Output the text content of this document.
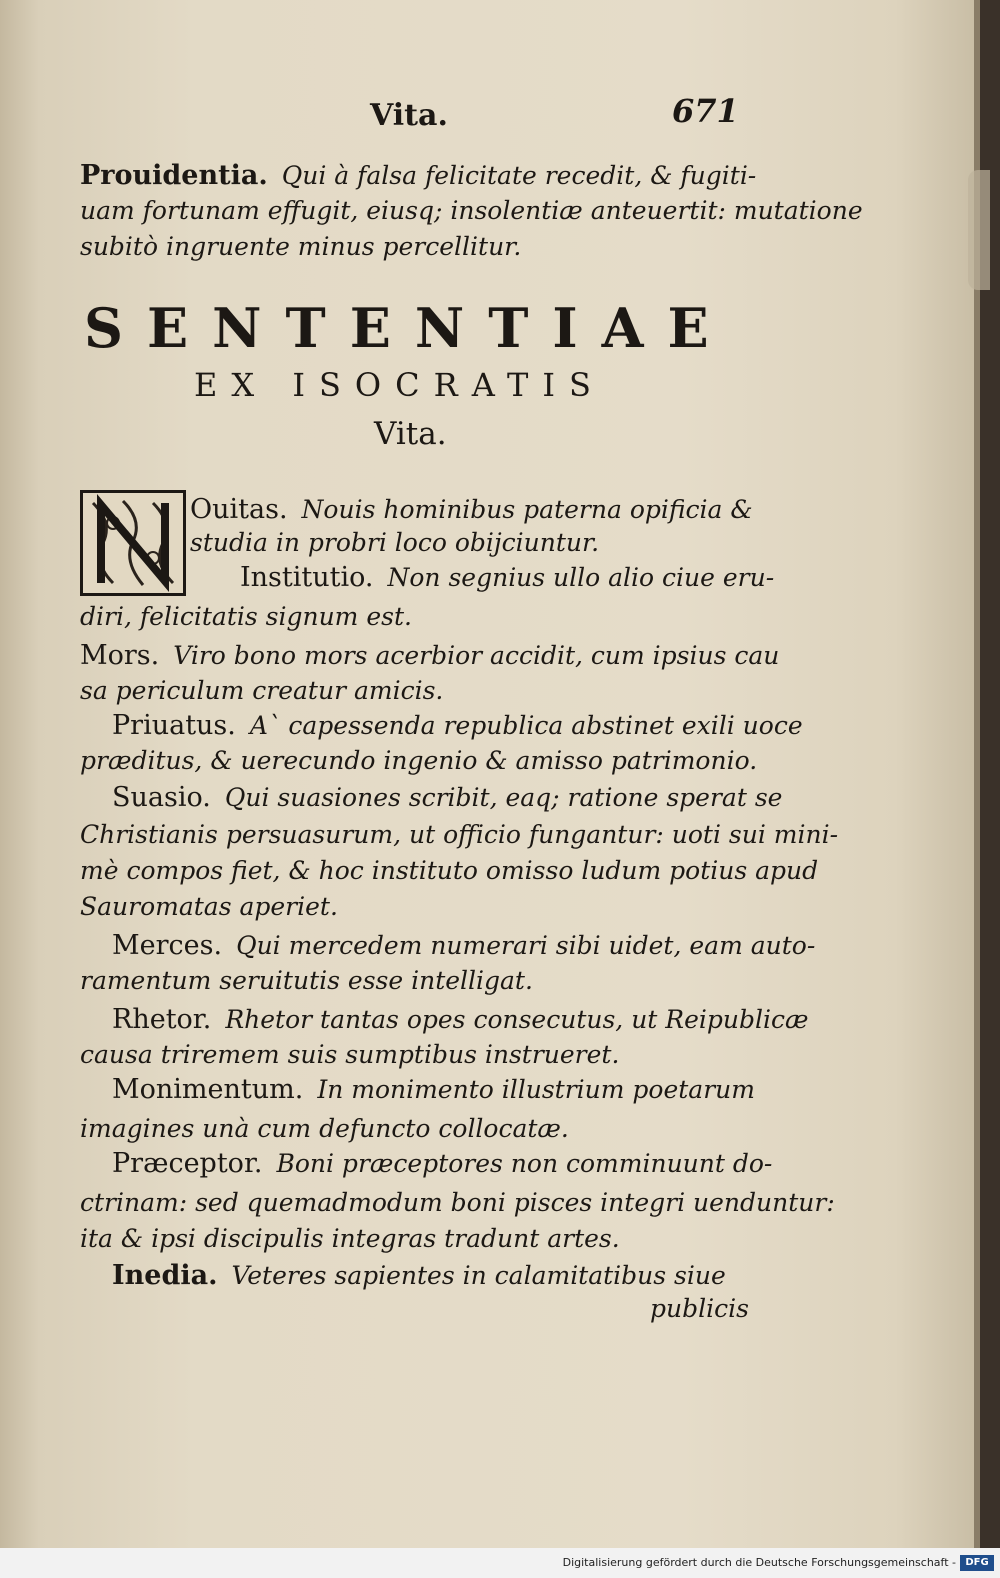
Vita.	671
Prouidentia. Qui à falsa felicitate recedit, & fugiti-
uam fortunam effugit, eiusq; insolentiæ anteuertit: mutatione
subitò ingruente minus percellitur.
SENTENTIAE
EX ISOCRATIS
Vita.
Ouitas. Nouis hominibus paterna opificia &
studia in probri loco obijciuntur.
Institutio. Non segnius ullo alio ciue eru-
diri, felicitatis signum est.
Mors. Viro bono mors acerbior accidit, cum ipsius cau
sa periculum creatur amicis.
Priuatus. A` capessenda republica abstinet exili uoce
præditus, & uerecundo ingenio & amisso patrimonio.
Suasio. Qui suasiones scribit, eaq; ratione sperat se
Christianis persuasurum, ut officio fungantur: uoti sui mini-
mè compos fiet, & hoc instituto omisso ludum potius apud
Sauromatas aperiet.
Merces. Qui mercedem numerari sibi uidet, eam auto-
ramentum seruitutis esse intelligat.
Rhetor. Rhetor tantas opes consecutus, ut Reipublicæ
causa triremem suis sumptibus instrueret.
Monimentum. In monimento illustrium poetarum
imagines unà cum defuncto collocatæ.
Præceptor. Boni præceptores non comminuunt do-
ctrinam: sed quemadmodum boni pisces integri uenduntur:
ita & ipsi discipulis integras tradunt artes.
Inedia. Veteres sapientes in calamitatibus siue
publicis
Digitalisierung gefördert durch die Deutsche Forschungsgemeinschaft - DFG
